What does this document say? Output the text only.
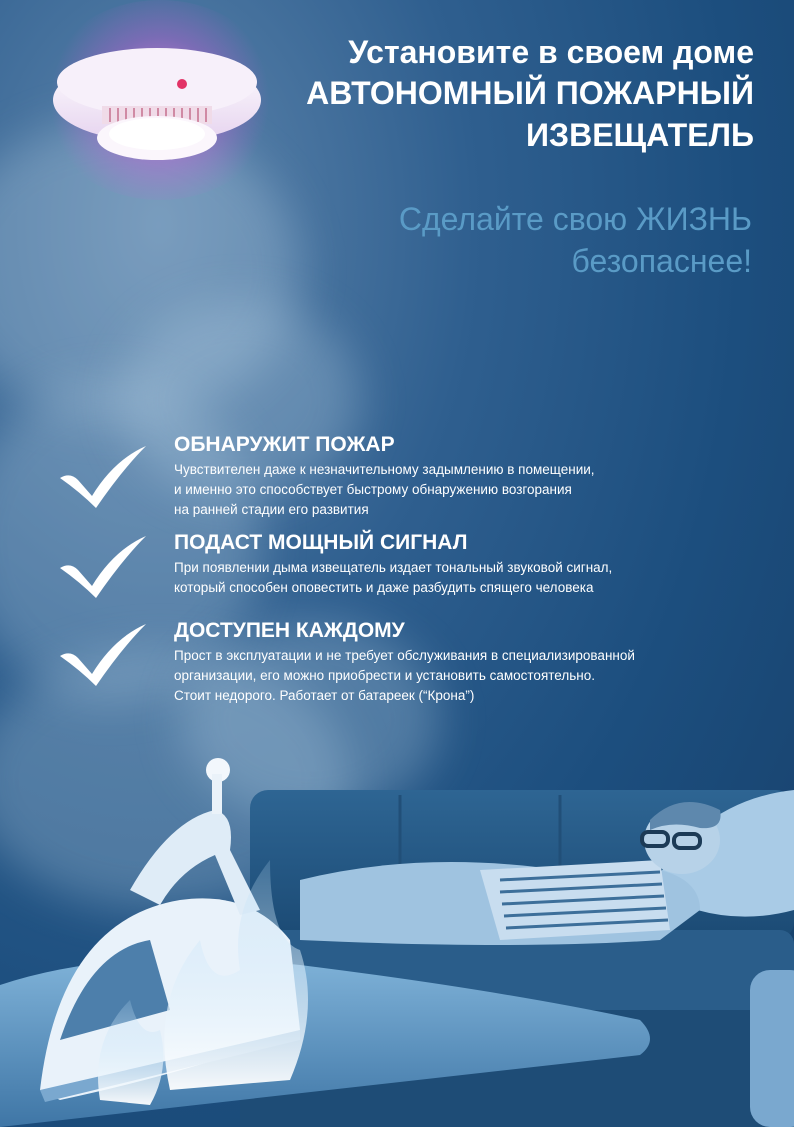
Установите в своем доме
АВТОНОМНЫЙ ПОЖАРНЫЙ
ИЗВЕЩАТЕЛЬ
Сделайте свою ЖИЗНЬ
безопаснее!
ОБНАРУЖИТ ПОЖАР
Чувствителен даже к незначительному задымлению в помещении,
и именно это способствует быстрому обнаружению возгорания
на ранней стадии его развития
ПОДАСТ МОЩНЫЙ СИГНАЛ
При появлении дыма извещатель издает тональный звуковой сигнал,
который способен оповестить и даже разбудить спящего человека
ДОСТУПЕН КАЖДОМУ
Прост в эксплуатации и не требует обслуживания в специализированной
организации, его можно приобрести и установить самостоятельно.
Стоит недорого. Работает от батареек (“Крона”)
